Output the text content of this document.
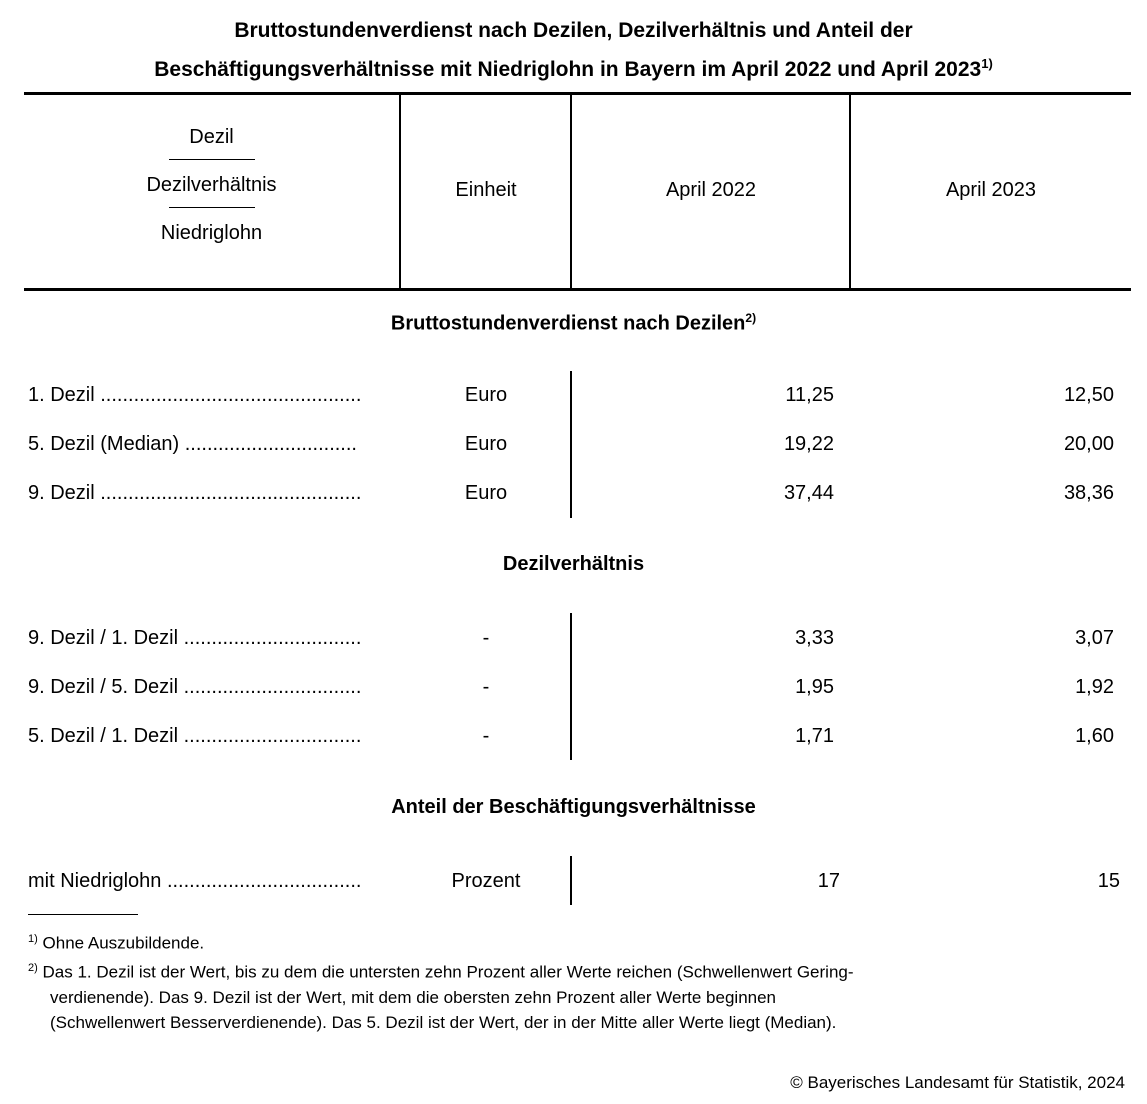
Bruttostundenverdienst nach Dezilen, Dezilverhältnis und Anteil der
Beschäftigungsverhältnisse mit Niedriglohn in Bayern im April 2022 und April 2023$^{1)}$
Dezil
Dezilverhältnis
Niedriglohn
Einheit	April 2022	April 2023
Bruttostundenverdienst nach Dezilen$^{2)}$
1. Dezil ...............................................	Euro	11,25	12,50
5. Dezil (Median) ...............................	Euro	19,22	20,00
9. Dezil ...............................................	Euro	37,44	38,36
Dezilverhältnis
9. Dezil / 1. Dezil ................................	-	3,33	3,07
9. Dezil / 5. Dezil ................................	-	1,95	1,92
5. Dezil / 1. Dezil ................................	-	1,71	1,60
Anteil der Beschäftigungsverhältnisse
mit Niedriglohn ...................................	Prozent	17	15
$^{1)}$ Ohne Auszubildende.
$^{2)}$ Das 1. Dezil ist der Wert, bis zu dem die untersten zehn Prozent aller Werte reichen (Schwellenwert Gering-
verdienende). Das 9. Dezil ist der Wert, mit dem die obersten zehn Prozent aller Werte beginnen
(Schwellenwert Besserverdienende). Das 5. Dezil ist der Wert, der in der Mitte aller Werte liegt (Median).
© Bayerisches Landesamt für Statistik, 2024
